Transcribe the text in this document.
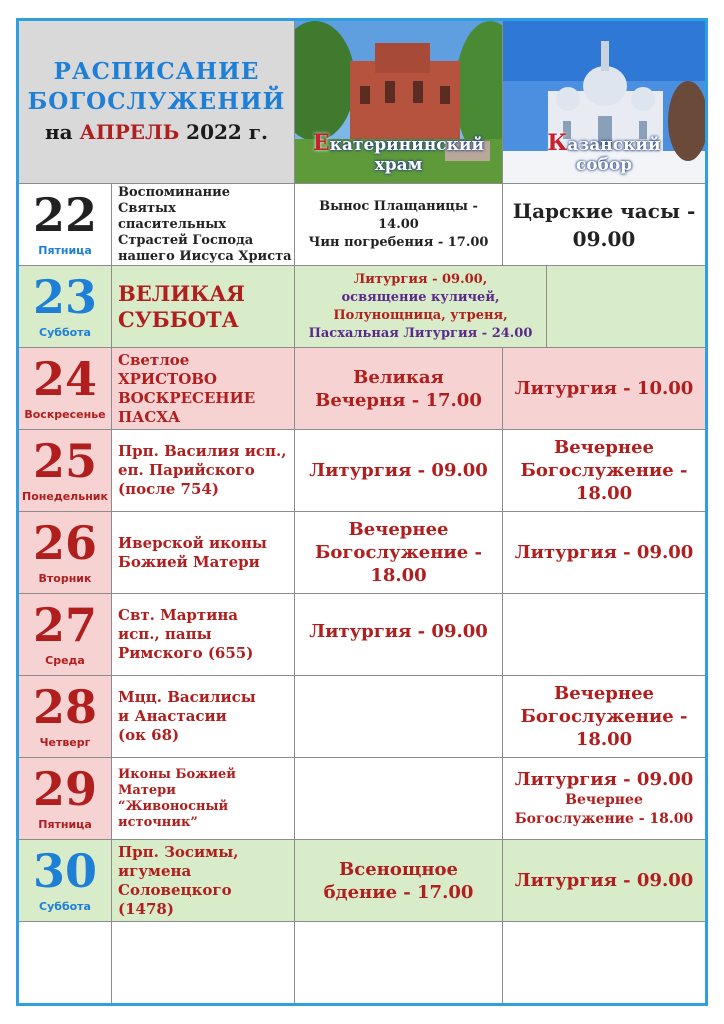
РАСПИСАНИЕ
БОГОСЛУЖЕНИЙ
на АПРЕЛЬ 2022 г.	Екатерининский
храм
Казанский
собор
22
Пятница
Воспоминание Святых
спасительных
Страстей Господа
нашего Иисуса Христа
Вынос Плащаницы -
14.00
Чин погребения - 17.00
Царские часы -
09.00
23
Суббота
ВЕЛИКАЯ
СУББОТА
Литургия - 09.00,
освящение куличей,
Полунощница, утреня,
Пасхальная Литургия - 24.00
24
Воскресенье
Светлое ХРИСТОВО
ВОСКРЕСЕНИЕ
ПАСХА
Великая
Вечерня - 17.00
Литургия - 10.00
25
Понедельник
Прп. Василия исп.,
еп. Парийского
(после 754)
Литургия - 09.00
Вечернее
Богослужение -
18.00
26
Вторник
Иверской иконы
Божией Матери
Вечернее
Богослужение -
18.00
Литургия - 09.00
27
Среда
Свт. Мартина
исп., папы
Римского (655)
Литургия - 09.00
28
Четверг
Мцц. Василисы
и Анастасии
(ок 68)
Вечернее
Богослужение -
18.00
29
Пятница
Иконы Божией
Матери
“Живоносный
источник”
Литургия - 09.00
Вечернее
Богослужение - 18.00
30
Суббота
Прп. Зосимы,
игумена
Соловецкого (1478)
Всенощное
бдение - 17.00
Литургия - 09.00
